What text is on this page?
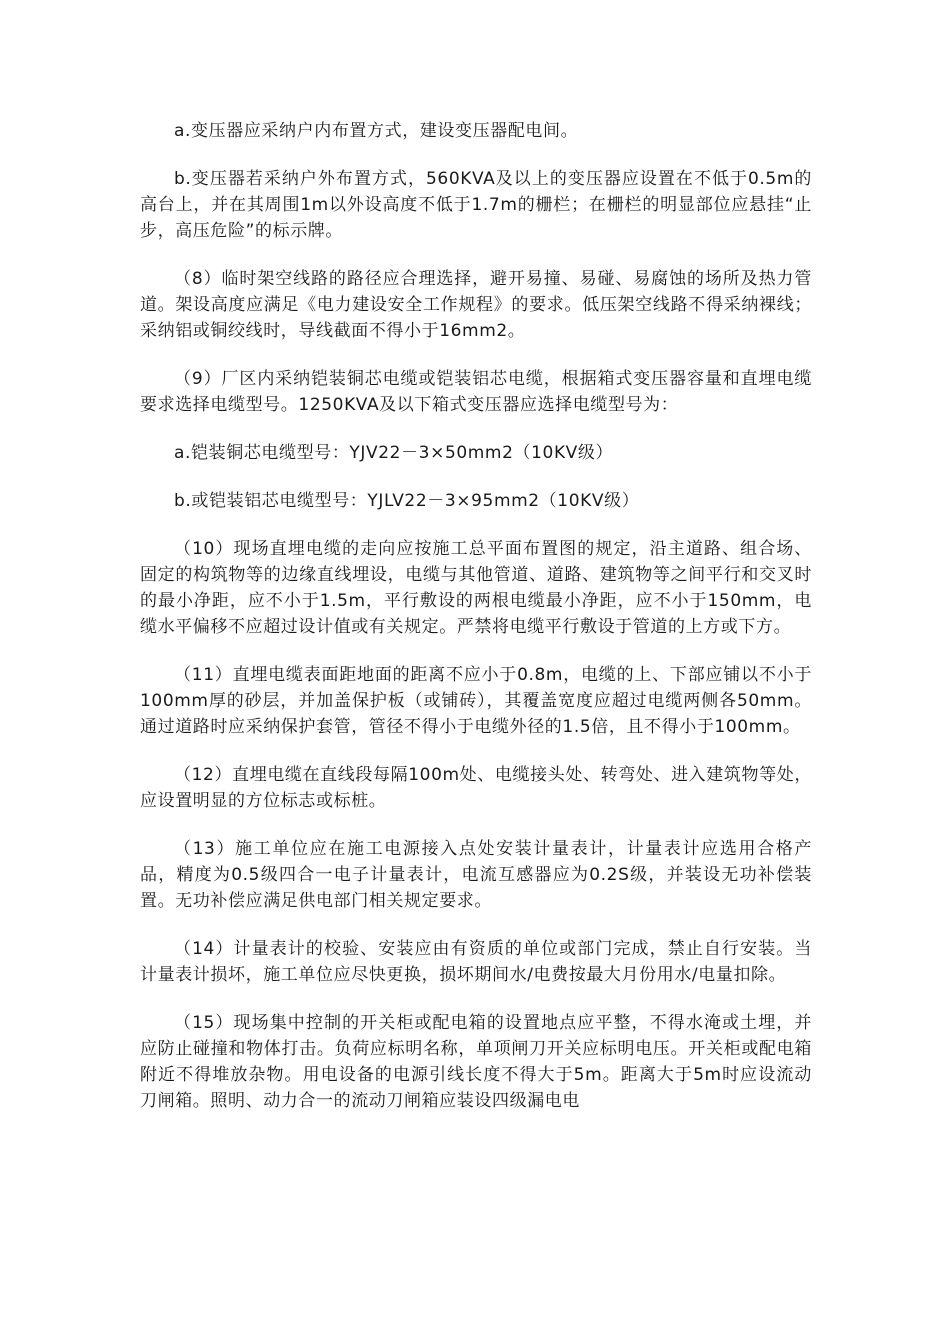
a.变压器应采纳户内布置方式，建设变压器配电间。

b.变压器若采纳户外布置方式，560KVA及以上的变压器应设置在不低于0.5m的高台上，并在其周围1m以外设高度不低于1.7m的栅栏；在栅栏的明显部位应悬挂“止步，高压危险”的标示牌。

（8）临时架空线路的路径应合理选择，避开易撞、易碰、易腐蚀的场所及热力管道。架设高度应满足《电力建设安全工作规程》的要求。低压架空线路不得采纳裸线；采纳铝或铜绞线时，导线截面不得小于16mm2。

（9）厂区内采纳铠装铜芯电缆或铠装铝芯电缆，根据箱式变压器容量和直埋电缆要求选择电缆型号。1250KVA及以下箱式变压器应选择电缆型号为：

a.铠装铜芯电缆型号：YJV22－3×50mm2（10KV级）

b.或铠装铝芯电缆型号：YJLV22－3×95mm2（10KV级）

（10）现场直埋电缆的走向应按施工总平面布置图的规定，沿主道路、组合场、固定的构筑物等的边缘直线埋设，电缆与其他管道、道路、建筑物等之间平行和交叉时的最小净距，应不小于1.5m，平行敷设的两根电缆最小净距，应不小于150mm，电缆水平偏移不应超过设计值或有关规定。严禁将电缆平行敷设于管道的上方或下方。

（11）直埋电缆表面距地面的距离不应小于0.8m，电缆的上、下部应铺以不小于100mm厚的砂层，并加盖保护板（或铺砖），其覆盖宽度应超过电缆两侧各50mm。通过道路时应采纳保护套管，管径不得小于电缆外径的1.5倍，且不得小于100mm。

（12）直埋电缆在直线段每隔100m处、电缆接头处、转弯处、进入建筑物等处，应设置明显的方位标志或标桩。

（13）施工单位应在施工电源接入点处安装计量表计，计量表计应选用合格产品，精度为0.5级四合一电子计量表计，电流互感器应为0.2S级，并装设无功补偿装置。无功补偿应满足供电部门相关规定要求。

（14）计量表计的校验、安装应由有资质的单位或部门完成，禁止自行安装。当计量表计损坏，施工单位应尽快更换，损坏期间水/电费按最大月份用水/电量扣除。

（15）现场集中控制的开关柜或配电箱的设置地点应平整，不得水淹或土埋，并应防止碰撞和物体打击。负荷应标明名称，单项闸刀开关应标明电压。开关柜或配电箱附近不得堆放杂物。用电设备的电源引线长度不得大于5m。距离大于5m时应设流动刀闸箱。照明、动力合一的流动刀闸箱应装设四级漏电电
